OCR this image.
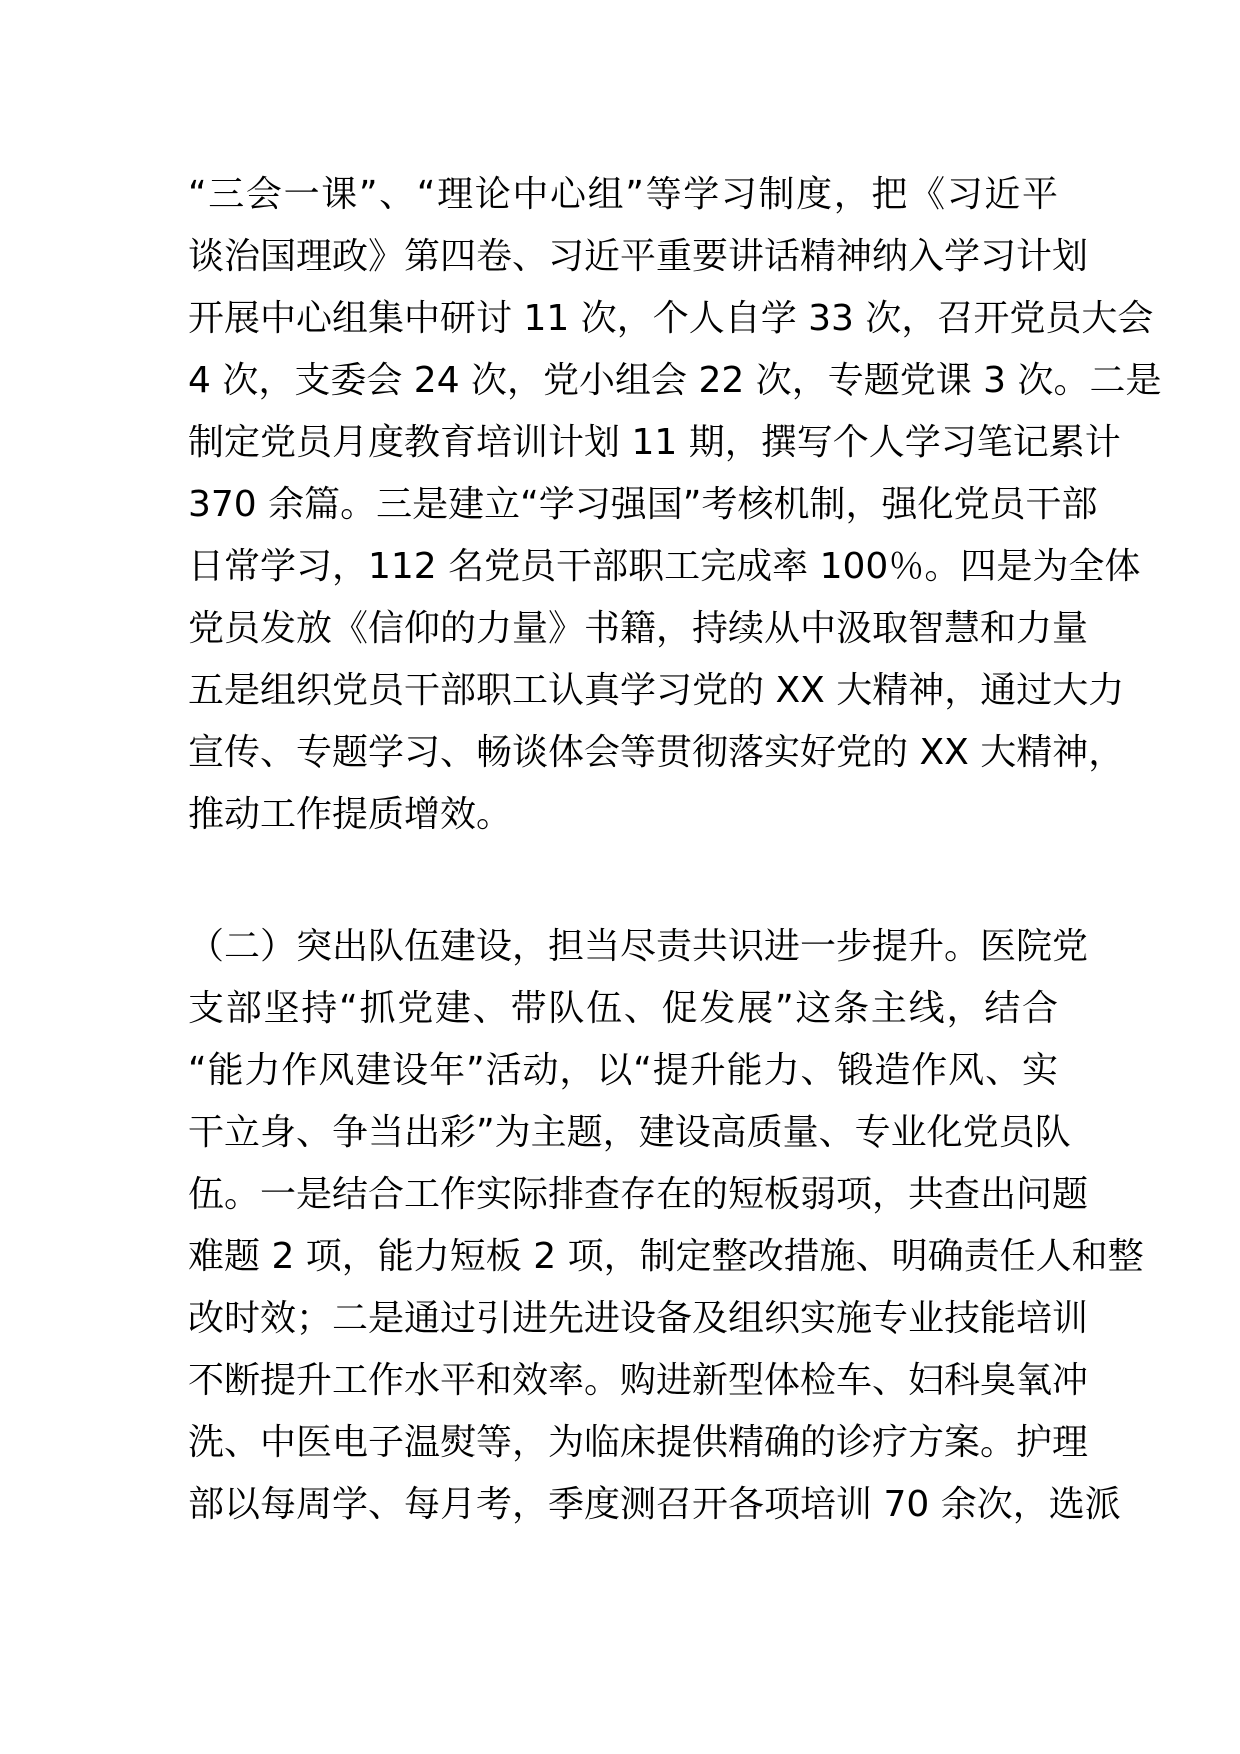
“三会一课”、“理论中心组”等学习制度，把《习近平
谈治国理政》第四卷、习近平重要讲话精神纳入学习计划
开展中心组集中研讨 11 次，个人自学 33 次，召开党员大会
4 次，支委会 24 次，党小组会 22 次，专题党课 3 次。二是
制定党员月度教育培训计划 11 期，撰写个人学习笔记累计
370 余篇。三是建立“学习强国”考核机制，强化党员干部
日常学习，112 名党员干部职工完成率 100％。四是为全体
党员发放《信仰的力量》书籍，持续从中汲取智慧和力量
五是组织党员干部职工认真学习党的 XX 大精神，通过大力
宣传、专题学习、畅谈体会等贯彻落实好党的 XX 大精神，
推动工作提质增效。
（二）突出队伍建设，担当尽责共识进一步提升。医院党
支部坚持“抓党建、带队伍、促发展”这条主线，结合
“能力作风建设年”活动，以“提升能力、锻造作风、实
干立身、争当出彩”为主题，建设高质量、专业化党员队
伍。一是结合工作实际排查存在的短板弱项，共查出问题
难题 2 项，能力短板 2 项，制定整改措施、明确责任人和整
改时效；二是通过引进先进设备及组织实施专业技能培训
不断提升工作水平和效率。购进新型体检车、妇科臭氧冲
洗、中医电子温熨等，为临床提供精确的诊疗方案。护理
部以每周学、每月考，季度测召开各项培训 70 余次，选派
